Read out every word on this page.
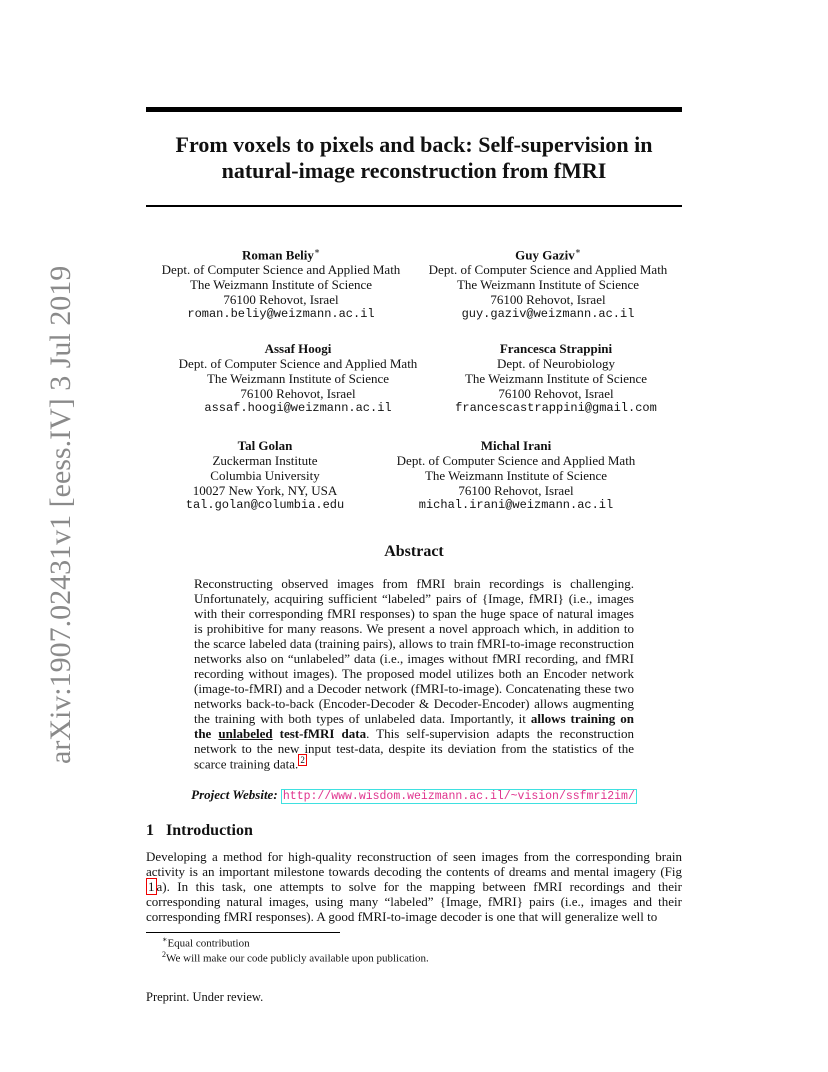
arXiv:1907.02431v1 [eess.IV] 3 Jul 2019
From voxels to pixels and back: Self-supervision in natural-image reconstruction from fMRI
Roman Beliy∗
Dept. of Computer Science and Applied Math
The Weizmann Institute of Science
76100 Rehovot, Israel
roman.beliy@weizmann.ac.il
Guy Gaziv∗
Dept. of Computer Science and Applied Math
The Weizmann Institute of Science
76100 Rehovot, Israel
guy.gaziv@weizmann.ac.il
Assaf Hoogi
Dept. of Computer Science and Applied Math
The Weizmann Institute of Science
76100 Rehovot, Israel
assaf.hoogi@weizmann.ac.il
Francesca Strappini
Dept. of Neurobiology
The Weizmann Institute of Science
76100 Rehovot, Israel
francescastrappini@gmail.com
Tal Golan
Zuckerman Institute
Columbia University
10027 New York, NY, USA
tal.golan@columbia.edu
Michal Irani
Dept. of Computer Science and Applied Math
The Weizmann Institute of Science
76100 Rehovot, Israel
michal.irani@weizmann.ac.il
Abstract

Reconstructing observed images from fMRI brain recordings is challenging. Unfortunately, acquiring sufficient “labeled” pairs of {Image, fMRI} (i.e., images with their corresponding fMRI responses) to span the huge space of natural images is prohibitive for many reasons. We present a novel approach which, in addition to the scarce labeled data (training pairs), allows to train fMRI-to-image reconstruction networks also on “unlabeled” data (i.e., images without fMRI recording, and fMRI recording without images). The proposed model utilizes both an Encoder network (image-to-fMRI) and a Decoder network (fMRI-to-image). Concatenating these two networks back-to-back (Encoder-Decoder & Decoder-Encoder) allows augmenting the training with both types of unlabeled data. Importantly, it allows training on the unlabeled test-fMRI data. This self-supervision adapts the reconstruction network to the new input test-data, despite its deviation from the statistics of the scarce training data. $^2$

Project Website: http://www.wisdom.weizmann.ac.il/~vision/ssfmri2im/
1 Introduction

Developing a method for high-quality reconstruction of seen images from the corresponding brain activity is an important milestone towards decoding the contents of dreams and mental imagery (Fig 1 a). In this task, one attempts to solve for the mapping between fMRI recordings and their corresponding natural images, using many “labeled” {Image, fMRI} pairs (i.e., images and their corresponding fMRI responses). A good fMRI-to-image decoder is one that will generalize well to

∗Equal contribution
$^2$We will make our code publicly available upon publication.
Preprint. Under review.
